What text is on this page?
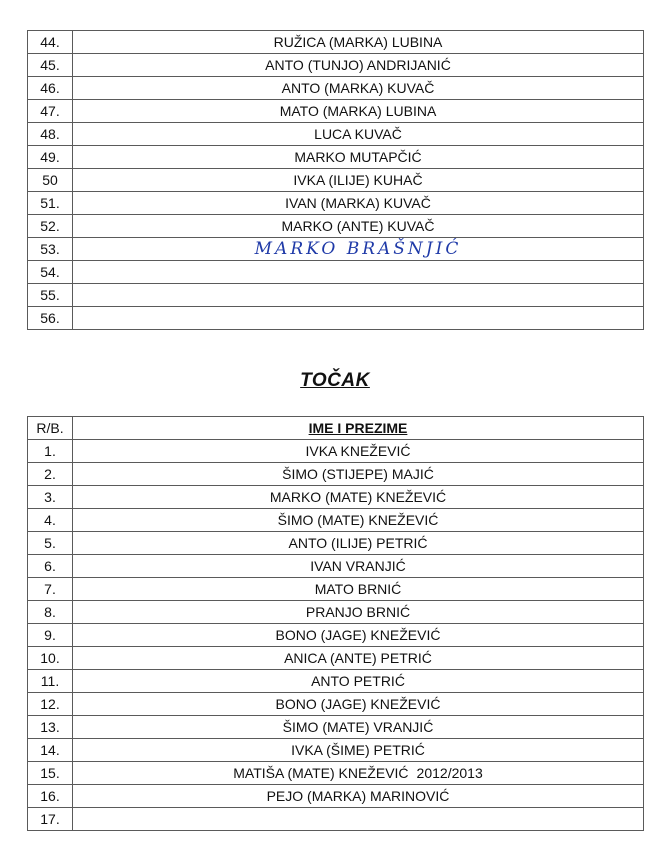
44.	RUŽICA (MARKA) LUBINA
45.	ANTO (TUNJO) ANDRIJANIĆ
46.	ANTO (MARKA) KUVAČ
47.	MATO (MARKA) LUBINA
48.	LUCA KUVAČ
49.	MARKO MUTAPČIĆ
50	IVKA (ILIJE) KUHAČ
51.	IVAN (MARKA) KUVAČ
52.	MARKO (ANTE) KUVAČ
53.	MARKO BRAŠNJIĆ
54.	
55.	
56.	
TOČAK
R/B.	IME I PREZIME
1.	IVKA KNEŽEVIĆ
2.	ŠIMO (STIJEPE) MAJIĆ
3.	MARKO (MATE) KNEŽEVIĆ
4.	ŠIMO (MATE) KNEŽEVIĆ
5.	ANTO (ILIJE) PETRIĆ
6.	IVAN VRANJIĆ
7.	MATO BRNIĆ
8.	PRANJO BRNIĆ
9.	BONO (JAGE) KNEŽEVIĆ
10.	ANICA (ANTE) PETRIĆ
11.	ANTO PETRIĆ
12.	BONO (JAGE) KNEŽEVIĆ
13.	ŠIMO (MATE) VRANJIĆ
14.	IVKA (ŠIME) PETRIĆ
15.	MATIŠA (MATE) KNEŽEVIĆ 2012/2013
16.	PEJO (MARKA) MARINOVIĆ
17.	
